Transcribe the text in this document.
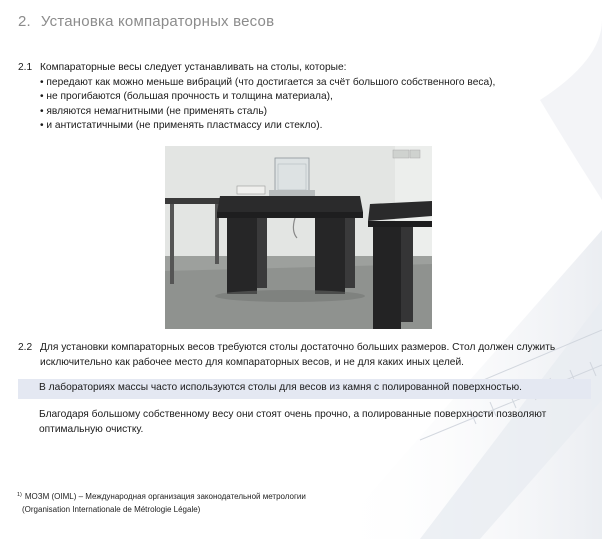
2. Установка компараторных весов
2.1 Компараторные весы следует устанавливать на столы, которые:
• передают как можно меньше вибраций (что достигается за счёт большого собственного веса),
• не прогибаются (большая прочность и толщина материала),
• являются немагнитными (не применять сталь)
• и антистатичными (не применять пластмассу или стекло).
2.2 Для установки компараторных весов требуются столы достаточно больших размеров. Стол должен служить
исключительно как рабочее место для компараторных весов, и не для каких иных целей.
В лабораториях массы часто используются столы для весов из камня с полированной поверхностью.
Благодаря большому собственному весу они стоят очень прочно, а полированные поверхности позволяют
оптимальную очистку.
$^{1)}$ МОЗМ (OIML) – Международная организация законодательной метрологии
(Organisation Internationale de Métrologie Légale)
